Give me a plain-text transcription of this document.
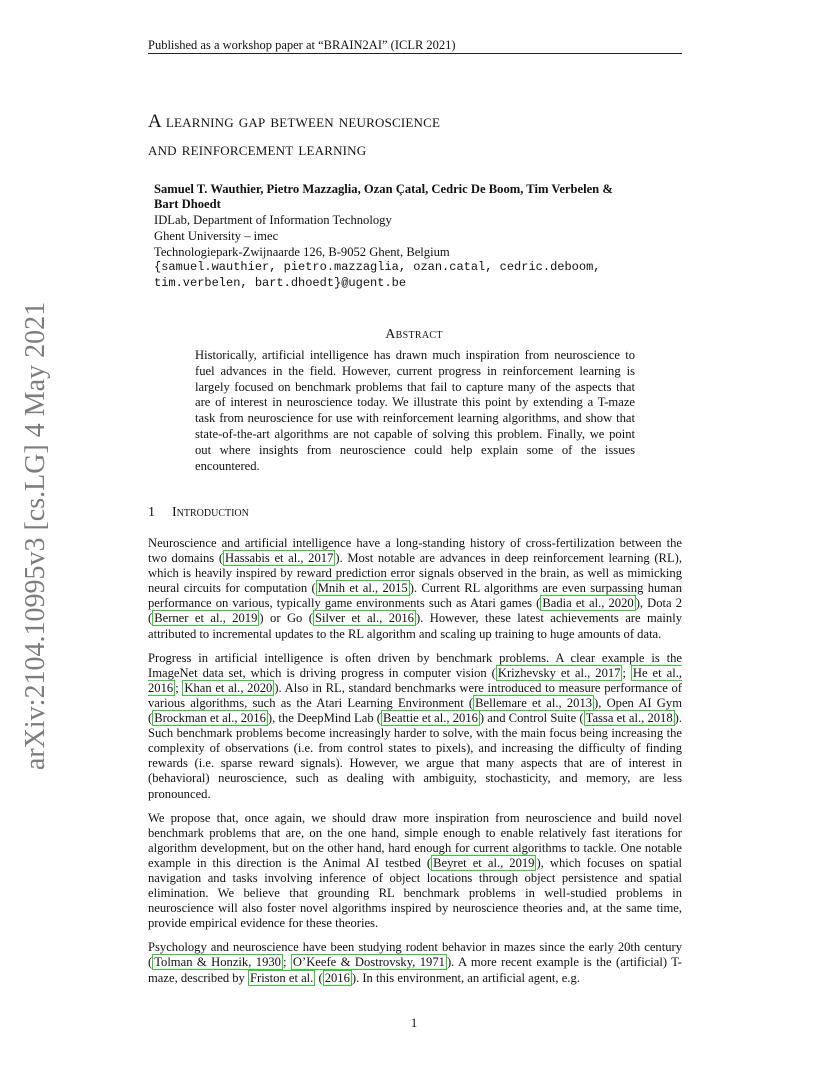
Published as a workshop paper at “BRAIN2AI” (ICLR 2021)
A learning gap between neuroscience
and reinforcement learning
Samuel T. Wauthier, Pietro Mazzaglia, Ozan Çatal, Cedric De Boom, Tim Verbelen &
Bart Dhoedt
IDLab, Department of Information Technology
Ghent University – imec
Technologiepark-Zwijnaarde 126, B-9052 Ghent, Belgium
{samuel.wauthier, pietro.mazzaglia, ozan.catal, cedric.deboom,
tim.verbelen, bart.dhoedt}@ugent.be
Abstract
Historically, artificial intelligence has drawn much inspiration from neuroscience to fuel advances in the field. However, current progress in reinforcement learning is largely focused on benchmark problems that fail to capture many of the aspects that are of interest in neuroscience today. We illustrate this point by extending a T-maze task from neuroscience for use with reinforcement learning algorithms, and show that state-of-the-art algorithms are not capable of solving this problem. Finally, we point out where insights from neuroscience could help explain some of the issues encountered.
1 Introduction

Neuroscience and artificial intelligence have a long-standing history of cross-fertilization between the two domains ( Hassabis et al., 2017 ). Most notable are advances in deep reinforcement learning (RL), which is heavily inspired by reward prediction error signals observed in the brain, as well as mimicking neural circuits for computation ( Mnih et al., 2015 ). Current RL algorithms are even surpassing human performance on various, typically game environments such as Atari games ( Badia et al., 2020 ), Dota 2 ( Berner et al., 2019 ) or Go ( Silver et al., 2016 ). However, these latest achievements are mainly attributed to incremental updates to the RL algorithm and scaling up training to huge amounts of data.

Progress in artificial intelligence is often driven by benchmark problems. A clear example is the ImageNet data set, which is driving progress in computer vision ( Krizhevsky et al., 2017 ; He et al., 2016 ; Khan et al., 2020 ). Also in RL, standard benchmarks were introduced to measure performance of various algorithms, such as the Atari Learning Environment ( Bellemare et al., 2013 ), Open AI Gym ( Brockman et al., 2016 ), the DeepMind Lab ( Beattie et al., 2016 ) and Control Suite ( Tassa et al., 2018 ). Such benchmark problems become increasingly harder to solve, with the main focus being increasing the complexity of observations (i.e. from control states to pixels), and increasing the difficulty of finding rewards (i.e. sparse reward signals). However, we argue that many aspects that are of interest in (behavioral) neuroscience, such as dealing with ambiguity, stochasticity, and memory, are less pronounced.

We propose that, once again, we should draw more inspiration from neuroscience and build novel benchmark problems that are, on the one hand, simple enough to enable relatively fast iterations for algorithm development, but on the other hand, hard enough for current algorithms to tackle. One notable example in this direction is the Animal AI testbed ( Beyret et al., 2019 ), which focuses on spatial navigation and tasks involving inference of object locations through object persistence and spatial elimination. We believe that grounding RL benchmark problems in well-studied problems in neuroscience will also foster novel algorithms inspired by neuroscience theories and, at the same time, provide empirical evidence for these theories.

Psychology and neuroscience have been studying rodent behavior in mazes since the early 20th century ( Tolman & Honzik, 1930 ; O’Keefe & Dostrovsky, 1971 ). A more recent example is the (artificial) T-maze, described by Friston et al. ( 2016 ). In this environment, an artificial agent, e.g.

1
arXiv:2104.10995v3 [cs.LG] 4 May 2021
